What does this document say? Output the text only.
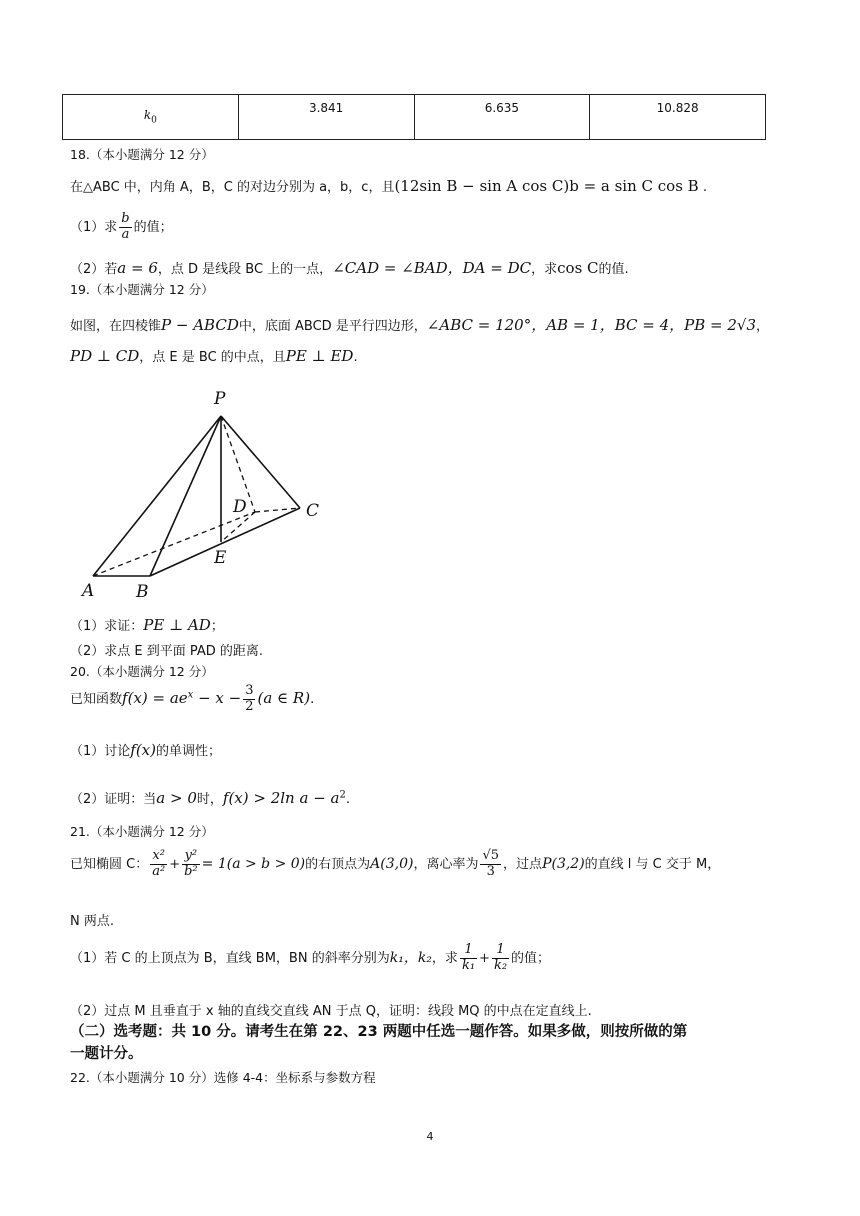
$k_0$	3.841	6.635	10.828
18.（本小题满分 12 分）
在△ABC 中，内角 A，B，C 的对边分别为 a，b，c，且(12sin B − sin A cos C)b = a sin C cos B .
（1）求 $\frac{b}{a}$ 的值；
（2）若a = 6，点 D 是线段 BC 上的一点，∠CAD = ∠BAD，DA = DC，求cos C的值.
19.（本小题满分 12 分）
如图，在四棱锥P − ABCD中，底面 ABCD 是平行四边形，∠ABC = 120°，AB = 1，BC = 4，PB = 2√3，
PD ⊥ CD，点 E 是 BC 的中点，且PE ⊥ ED.
P
A B
C
D
E
（1）求证：PE ⊥ AD；
（2）求点 E 到平面 PAD 的距离.
20.（本小题满分 12 分）
已知函数$f(x) = ae^x - x - \frac{3}{2} (a$ ∈ R).
（1）讨论f(x)的单调性；
（2）证明：当a > 0时，f(x) > 2ln $a - a^2$.
21.（本小题满分 12 分）
已知椭圆 C： $\frac{\text{x²}}{\text{a²}} + \frac{\text{y²}}{\text{b²}} = 1(a > b > 0)$的右顶点为A(3,0)，离心率为 $\frac{√5}{3}$ ，过点P(3,2)的直线 l 与 C 交于 M，
N 两点.
（1）若 C 的上顶点为 B，直线 BM，BN 的斜率分别为k₁，k₂，求 $\frac{1}{\text{k₁}} + \frac{1}{\text{k₂}}$ 的值；
（2）过点 M 且垂直于 x 轴的直线交直线 AN 于点 Q，证明：线段 MQ 的中点在定直线上.
（二）选考题：共 10 分。请考生在第 22、23 两题中任选一题作答。如果多做，则按所做的第
一题计分。
22.（本小题满分 10 分）选修 4-4：坐标系与参数方程
4
